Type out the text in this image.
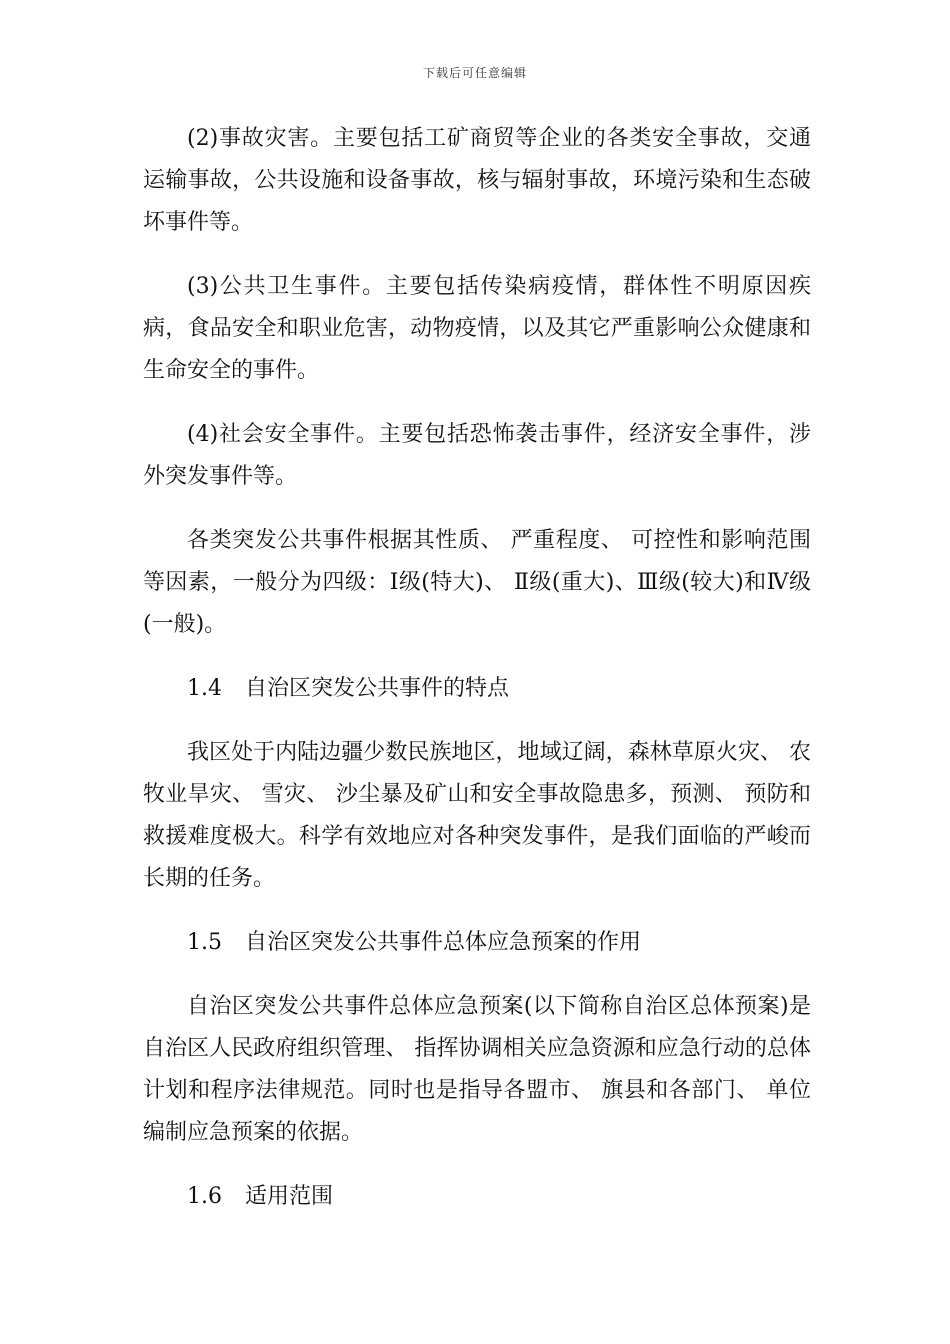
下载后可任意编辑

(2)事故灾害。主要包括工矿商贸等企业的各类安全事故，交通运输事故，公共设施和设备事故，核与辐射事故，环境污染和生态破坏事件等。

(3)公共卫生事件。主要包括传染病疫情，群体性不明原因疾病，食品安全和职业危害，动物疫情，以及其它严重影响公众健康和生命安全的事件。

(4)社会安全事件。主要包括恐怖袭击事件，经济安全事件，涉外突发事件等。

各类突发公共事件根据其性质、 严重程度、 可控性和影响范围等因素，一般分为四级：Ⅰ级(特大)、 Ⅱ级(重大)、Ⅲ级(较大)和Ⅳ级(一般)。

1.4 自治区突发公共事件的特点

我区处于内陆边疆少数民族地区，地域辽阔，森林草原火灾、 农牧业旱灾、 雪灾、 沙尘暴及矿山和安全事故隐患多，预测、 预防和救援难度极大。科学有效地应对各种突发事件，是我们面临的严峻而长期的任务。

1.5 自治区突发公共事件总体应急预案的作用

自治区突发公共事件总体应急预案(以下简称自治区总体预案)是自治区人民政府组织管理、 指挥协调相关应急资源和应急行动的总体计划和程序法律规范。同时也是指导各盟市、 旗县和各部门、 单位编制应急预案的依据。

1.6 适用范围
